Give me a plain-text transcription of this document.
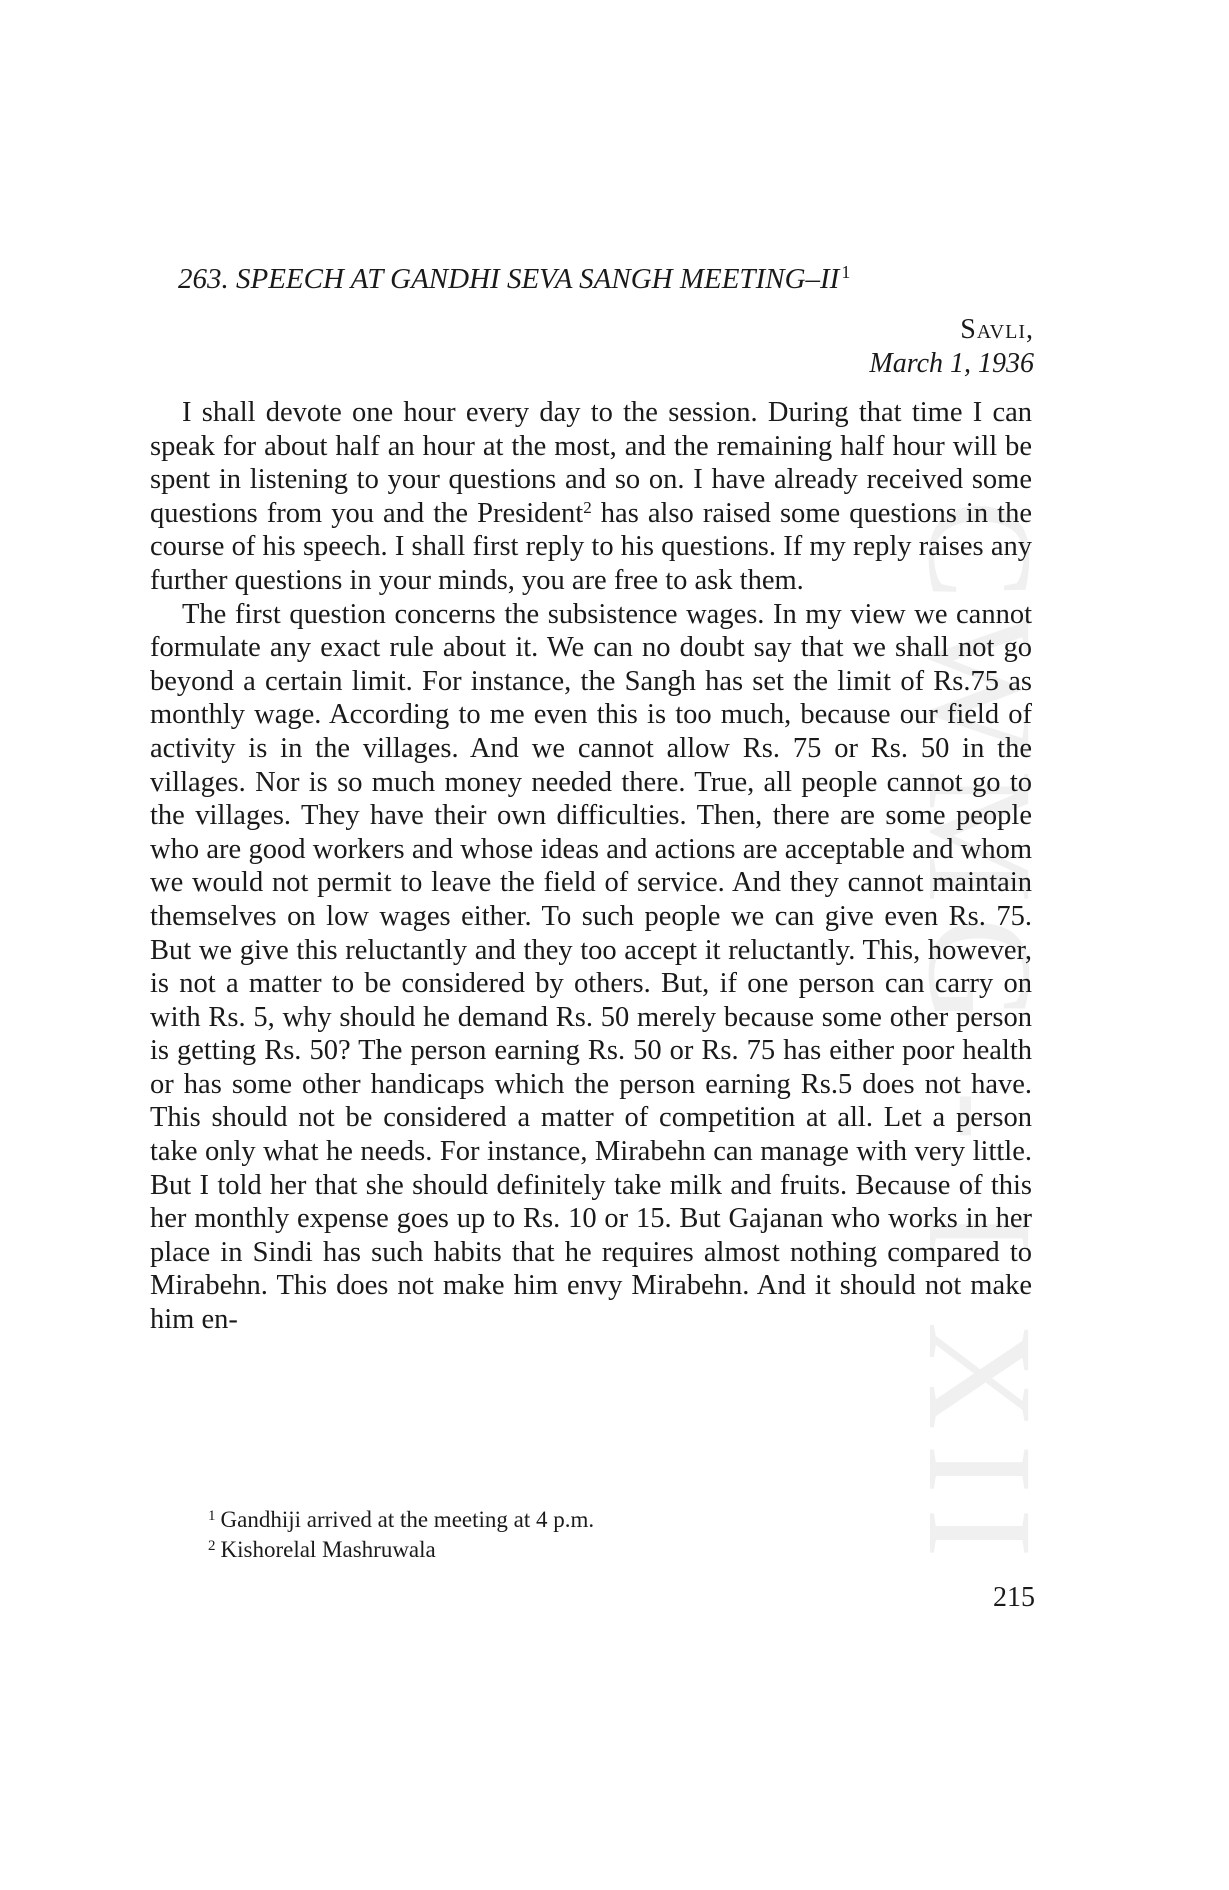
CWMG - I XII
263. SPEECH AT GANDHI SEVA SANGH MEETING–II $^1$
Savli,
March 1, 1936

I shall devote one hour every day to the session. During that time I can speak for about half an hour at the most, and the remaining half hour will be spent in listening to your questions and so on. I have already received some questions from you and the President$^2$ has also raised some questions in the course of his speech. I shall first reply to his questions. If my reply raises any further questions in your minds, you are free to ask them.

The first question concerns the subsistence wages. In my view we cannot formulate any exact rule about it. We can no doubt say that we shall not go beyond a certain limit. For instance, the Sangh has set the limit of Rs.75 as monthly wage. According to me even this is too much, because our field of activity is in the villages. And we cannot allow Rs. 75 or Rs. 50 in the villages. Nor is so much money needed there. True, all people cannot go to the villages. They have their own difficulties. Then, there are some people who are good workers and whose ideas and actions are acceptable and whom we would not permit to leave the field of service. And they cannot maintain themselves on low wages either. To such people we can give even Rs. 75. But we give this reluctantly and they too accept it reluctantly. This, however, is not a matter to be considered by others. But, if one person can carry on with Rs. 5, why should he demand Rs. 50 merely because some other person is getting Rs. 50? The person earning Rs. 50 or Rs. 75 has either poor health or has some other handicaps which the person earning Rs.5 does not have. This should not be considered a matter of competition at all. Let a person take only what he needs. For instance, Mirabehn can manage with very little. But I told her that she should definitely take milk and fruits. Because of this her monthly expense goes up to Rs. 10 or 15. But Gajanan who works in her place in Sindi has such habits that he requires almost nothing compared to Mirabehn. This does not make him envy Mirabehn. And it should not make him en-

$^1$ Gandhiji arrived at the meeting at 4 p.m.

$^2$ Kishorelal Mashruwala

215
